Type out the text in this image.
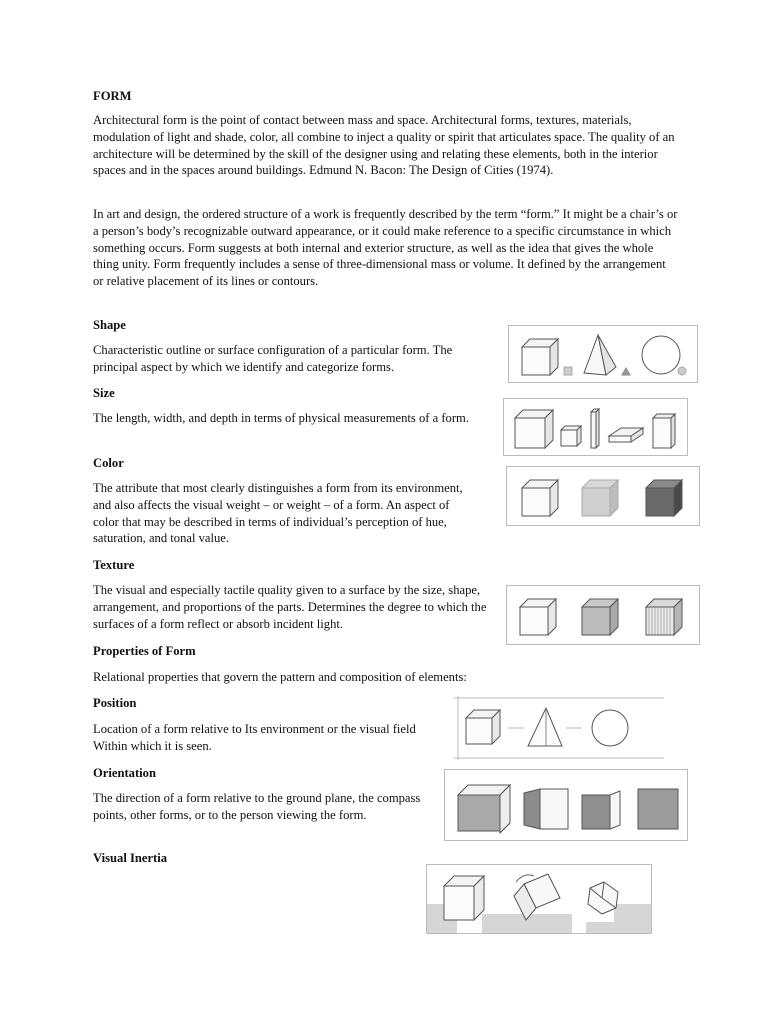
FORM

Architectural form is the point of contact between mass and space. Architectural forms, textures, materials, modulation of light and shade, color, all combine to inject a quality or spirit that articulates space. The quality of an architecture will be determined by the skill of the designer using and relating these elements, both in the interior spaces and in the spaces around buildings. Edmund N. Bacon: The Design of Cities (1974).

In art and design, the ordered structure of a work is frequently described by the term “form.” It might be a chair’s or a person’s body’s recognizable outward appearance, or it could make reference to a specific circumstance in which something occurs. Form suggests at both internal and exterior structure, as well as the idea that gives the whole thing unity. Form frequently includes a sense of three-dimensional mass or volume. It defined by the arrangement or relative placement of its lines or contours.

Shape

Characteristic outline or surface configuration of a particular form. The principal aspect by which we identify and categorize forms.

Size

The length, width, and depth in terms of physical measurements of a form.

Color

The attribute that most clearly distinguishes a form from its environment, and also affects the visual weight – or weight – of a form. An aspect of color that may be described in terms of individual’s perception of hue, saturation, and tonal value.

Texture

The visual and especially tactile quality given to a surface by the size, shape, arrangement, and proportions of the parts. Determines the degree to which the surfaces of a form reflect or absorb incident light.

Properties of Form

Relational properties that govern the pattern and composition of elements:

Position

Location of a form relative to Its environment or the visual field Within which it is seen.

Orientation

The direction of a form relative to the ground plane, the compass points, other forms, or to the person viewing the form.

Visual Inertia
